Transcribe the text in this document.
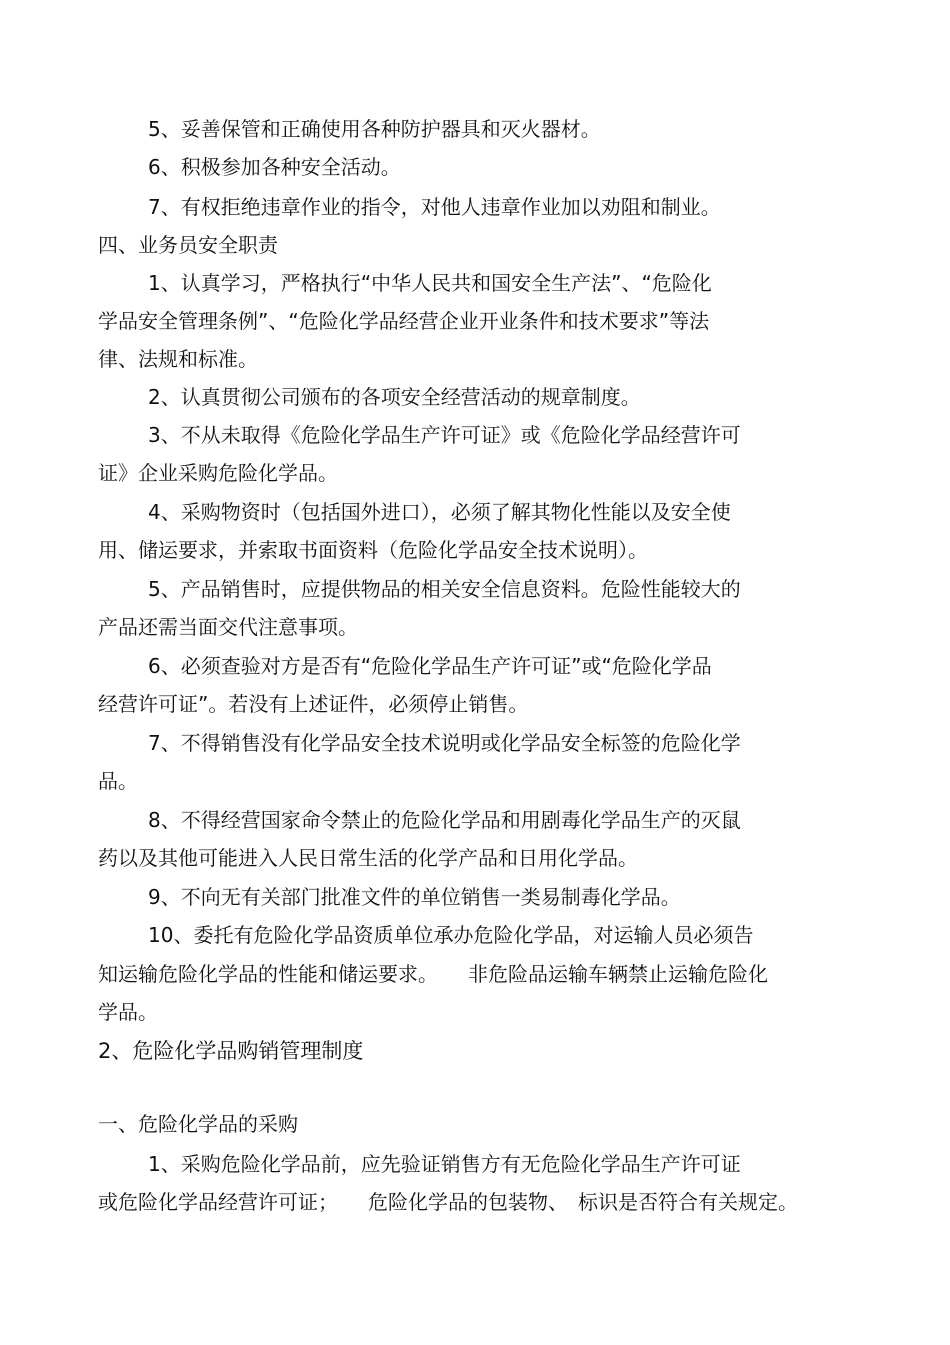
5、妥善保管和正确使用各种防护器具和灭火器材。
6、积极参加各种安全活动。
7、有权拒绝违章作业的指令，对他人违章作业加以劝阻和制业。
四、业务员安全职责
1、认真学习，严格执行“中华人民共和国安全生产法”、“危险化
学品安全管理条例”、“危险化学品经营企业开业条件和技术要求”等法
律、法规和标准。
2、认真贯彻公司颁布的各项安全经营活动的规章制度。
3、不从未取得《危险化学品生产许可证》或《危险化学品经营许可
证》企业采购危险化学品。
4、采购物资时（包括国外进口），必须了解其物化性能以及安全使
用、储运要求，并索取书面资料（危险化学品安全技术说明）。
5、产品销售时，应提供物品的相关安全信息资料。危险性能较大的
产品还需当面交代注意事项。
6、必须查验对方是否有“危险化学品生产许可证”或“危险化学品
经营许可证”。若没有上述证件，必须停止销售。
7、不得销售没有化学品安全技术说明或化学品安全标签的危险化学
品。
8、不得经营国家命令禁止的危险化学品和用剧毒化学品生产的灭鼠
药以及其他可能进入人民日常生活的化学产品和日用化学品。
9、不向无有关部门批准文件的单位销售一类易制毒化学品。
10、委托有危险化学品资质单位承办危险化学品，对运输人员必须告
知运输危险化学品的性能和储运要求。　　非危险品运输车辆禁止运输危险化
学品。
2、危险化学品购销管理制度
一、危险化学品的采购
1、采购危险化学品前，应先验证销售方有无危险化学品生产许可证
或危险化学品经营许可证；　　危险化学品的包装物、　标识是否符合有关规定。
